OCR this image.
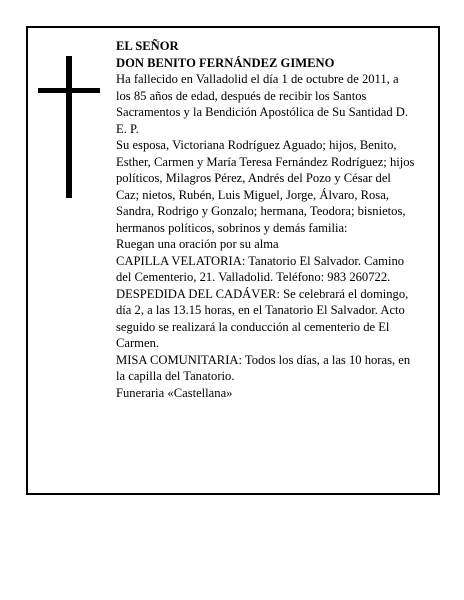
EL SEÑOR

DON BENITO FERNÁNDEZ GIMENO

Ha fallecido en Valladolid el día 1 de octubre de 2011, a los 85 años de edad, después de recibir los Santos Sacramentos y la Bendición Apostólica de Su Santidad D. E. P.

Su esposa, Victoriana Rodríguez Aguado; hijos, Benito, Esther, Carmen y María Teresa Fernández Rodríguez; hijos políticos, Milagros Pérez, Andrés del Pozo y César del Caz; nietos, Rubén, Luis Miguel, Jorge, Álvaro, Rosa, Sandra, Rodrigo y Gonzalo; hermana, Teodora; bisnietos, hermanos políticos, sobrinos y demás familia:

Ruegan una oración por su alma

CAPILLA VELATORIA: Tanatorio El Salvador. Camino del Cementerio, 21. Valladolid. Teléfono: 983 260722.

DESPEDIDA DEL CADÁVER: Se celebrará el domingo, día 2, a las 13.15 horas, en el Tanatorio El Salvador. Acto seguido se realizará la conducción al cementerio de El Carmen.

MISA COMUNITARIA: Todos los días, a las 10 horas, en la capilla del Tanatorio.

Funeraria «Castellana»
